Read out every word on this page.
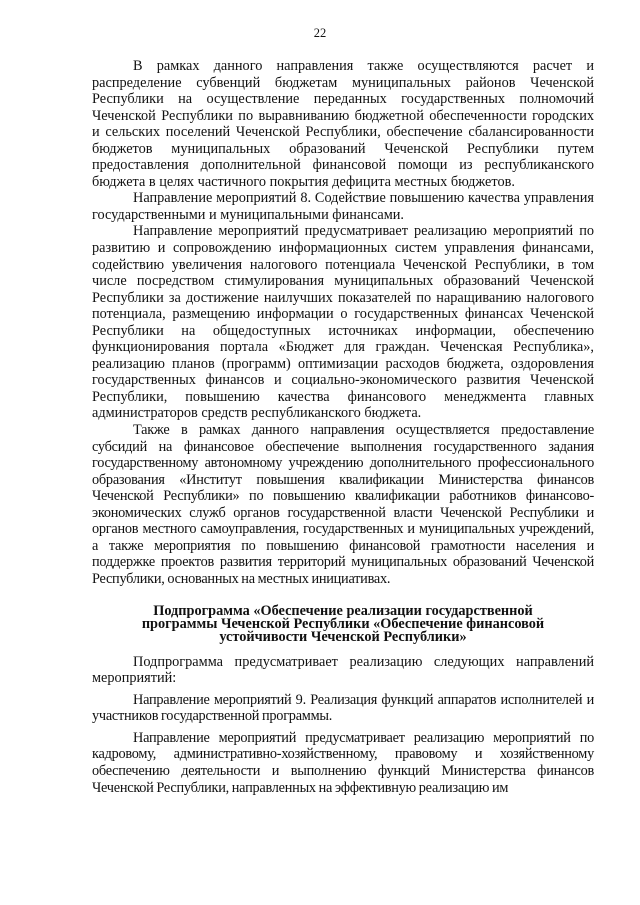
22

В рамках данного направления также осуществляются расчет и распределение субвенций бюджетам муниципальных районов Чеченской Республики на осуществление переданных государственных полномочий Чеченской Республики по выравниванию бюджетной обеспеченности городских и сельских поселений Чеченской Республики, обеспечение сбалансированности бюджетов муниципальных образований Чеченской Республики путем предоставления дополнительной финансовой помощи из республиканского бюджета в целях частичного покрытия дефицита местных бюджетов.

Направление мероприятий 8. Содействие повышению качества управления государственными и муниципальными финансами.

Направление мероприятий предусматривает реализацию мероприятий по развитию и сопровождению информационных систем управления финансами, содействию увеличения налогового потенциала Чеченской Республики, в том числе посредством стимулирования муниципальных образований Чеченской Республики за достижение наилучших показателей по наращиванию налогового потенциала, размещению информации о государственных финансах Чеченской Республики на общедоступных источниках информации, обеспечению функционирования портала «Бюджет для граждан. Чеченская Республика», реализацию планов (программ) оптимизации расходов бюджета, оздоровления государственных финансов и социально-экономического развития Чеченской Республики, повышению качества финансового менеджмента главных администраторов средств республиканского бюджета.

Также в рамках данного направления осуществляется предоставление субсидий на финансовое обеспечение выполнения государственного задания государственному автономному учреждению дополнительного профессионального образования «Институт повышения квалификации Министерства финансов Чеченской Республики» по повышению квалификации работников финансово-экономических служб органов государственной власти Чеченской Республики и органов местного самоуправления, государственных и муниципальных учреждений, а также мероприятия по повышению финансовой грамотности населения и поддержке проектов развития территорий муниципальных образований Чеченской Республики, основанных на местных инициативах.

Подпрограмма «Обеспечение реализации государственной
программы Чеченской Республики «Обеспечение финансовой
устойчивости Чеченской Республики»

Подпрограмма предусматривает реализацию следующих направлений мероприятий:

Направление мероприятий 9. Реализация функций аппаратов исполнителей и участников государственной программы.

Направление мероприятий предусматривает реализацию мероприятий по кадровому, административно-хозяйственному, правовому и хозяйственному обеспечению деятельности и выполнению функций Министерства финансов Чеченской Республики, направленных на эффективную реализацию им
